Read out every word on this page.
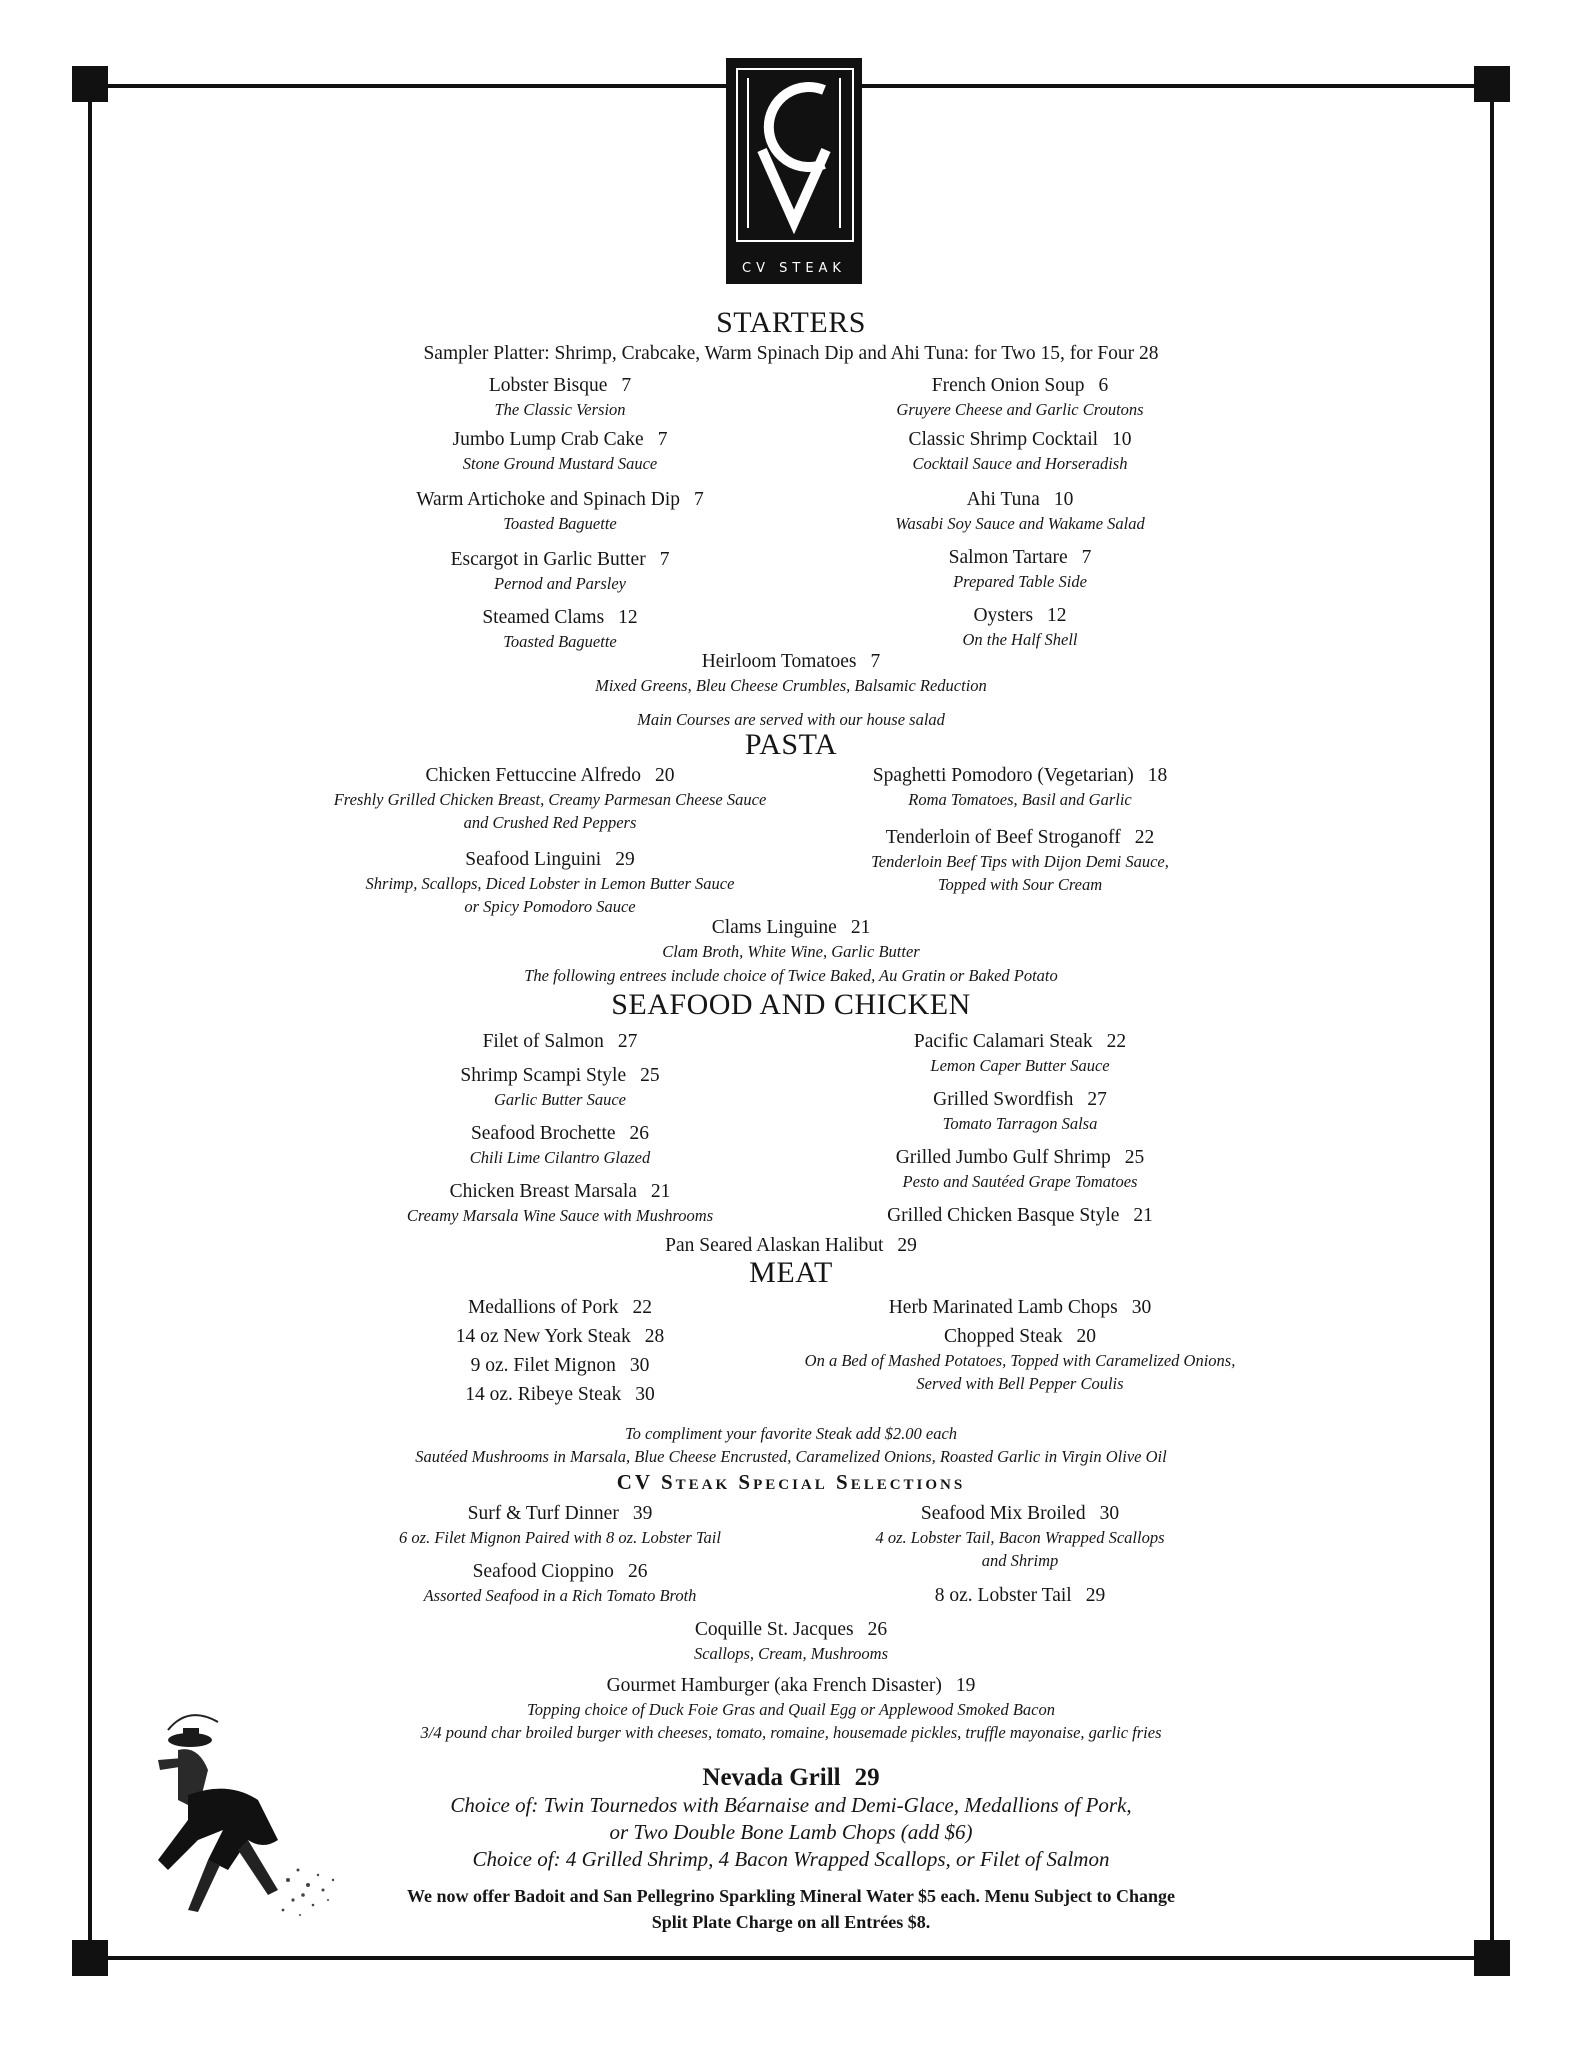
CV STEAK
STARTERS
Sampler Platter: Shrimp, Crabcake, Warm Spinach Dip and Ahi Tuna: for Two 15, for Four 28
Lobster Bisque 7
The Classic Version
French Onion Soup 6
Gruyere Cheese and Garlic Croutons
Jumbo Lump Crab Cake 7
Stone Ground Mustard Sauce
Classic Shrimp Cocktail 10
Cocktail Sauce and Horseradish
Warm Artichoke and Spinach Dip 7
Toasted Baguette
Ahi Tuna 10
Wasabi Soy Sauce and Wakame Salad
Escargot in Garlic Butter 7
Pernod and Parsley
Salmon Tartare 7
Prepared Table Side
Steamed Clams 12
Toasted Baguette
Oysters 12
On the Half Shell
Heirloom Tomatoes 7
Mixed Greens, Bleu Cheese Crumbles, Balsamic Reduction
Main Courses are served with our house salad
PASTA
Chicken Fettuccine Alfredo 20
Freshly Grilled Chicken Breast, Creamy Parmesan Cheese Sauce
and Crushed Red Peppers
Spaghetti Pomodoro (Vegetarian) 18
Roma Tomatoes, Basil and Garlic
Tenderloin of Beef Stroganoff 22
Tenderloin Beef Tips with Dijon Demi Sauce,
Topped with Sour Cream
Seafood Linguini 29
Shrimp, Scallops, Diced Lobster in Lemon Butter Sauce
or Spicy Pomodoro Sauce
Clams Linguine 21
Clam Broth, White Wine, Garlic Butter
The following entrees include choice of Twice Baked, Au Gratin or Baked Potato
SEAFOOD AND CHICKEN
Filet of Salmon 27	Pacific Calamari Steak 22
Lemon Caper Butter Sauce
Shrimp Scampi Style 25
Garlic Butter Sauce	Grilled Swordfish 27
Tomato Tarragon Salsa
Seafood Brochette 26
Chili Lime Cilantro Glazed	Grilled Jumbo Gulf Shrimp 25
Pesto and Sautéed Grape Tomatoes
Chicken Breast Marsala 21
Creamy Marsala Wine Sauce with Mushrooms	Grilled Chicken Basque Style 21
Pan Seared Alaskan Halibut 29
MEAT
Medallions of Pork 22
14 oz New York Steak 28
9 oz. Filet Mignon 30
14 oz. Ribeye Steak 30
Herb Marinated Lamb Chops 30
Chopped Steak 20
On a Bed of Mashed Potatoes, Topped with Caramelized Onions,
Served with Bell Pepper Coulis
To compliment your favorite Steak add $2.00 each
Sautéed Mushrooms in Marsala, Blue Cheese Encrusted, Caramelized Onions, Roasted Garlic in Virgin Olive Oil
CV Steak Special Selections
Surf & Turf Dinner 39
6 oz. Filet Mignon Paired with 8 oz. Lobster Tail
Seafood Mix Broiled 30
4 oz. Lobster Tail, Bacon Wrapped Scallops
and Shrimp
Seafood Cioppino 26
Assorted Seafood in a Rich Tomato Broth	8 oz. Lobster Tail 29
Coquille St. Jacques 26
Scallops, Cream, Mushrooms
Gourmet Hamburger (aka French Disaster) 19
Topping choice of Duck Foie Gras and Quail Egg or Applewood Smoked Bacon
3/4 pound char broiled burger with cheeses, tomato, romaine, housemade pickles, truffle mayonaise, garlic fries
Nevada Grill 29
Choice of: Twin Tournedos with Béarnaise and Demi-Glace, Medallions of Pork,
or Two Double Bone Lamb Chops (add $6)
Choice of: 4 Grilled Shrimp, 4 Bacon Wrapped Scallops, or Filet of Salmon
We now offer Badoit and San Pellegrino Sparkling Mineral Water $5 each. Menu Subject to Change
Split Plate Charge on all Entrées $8.
